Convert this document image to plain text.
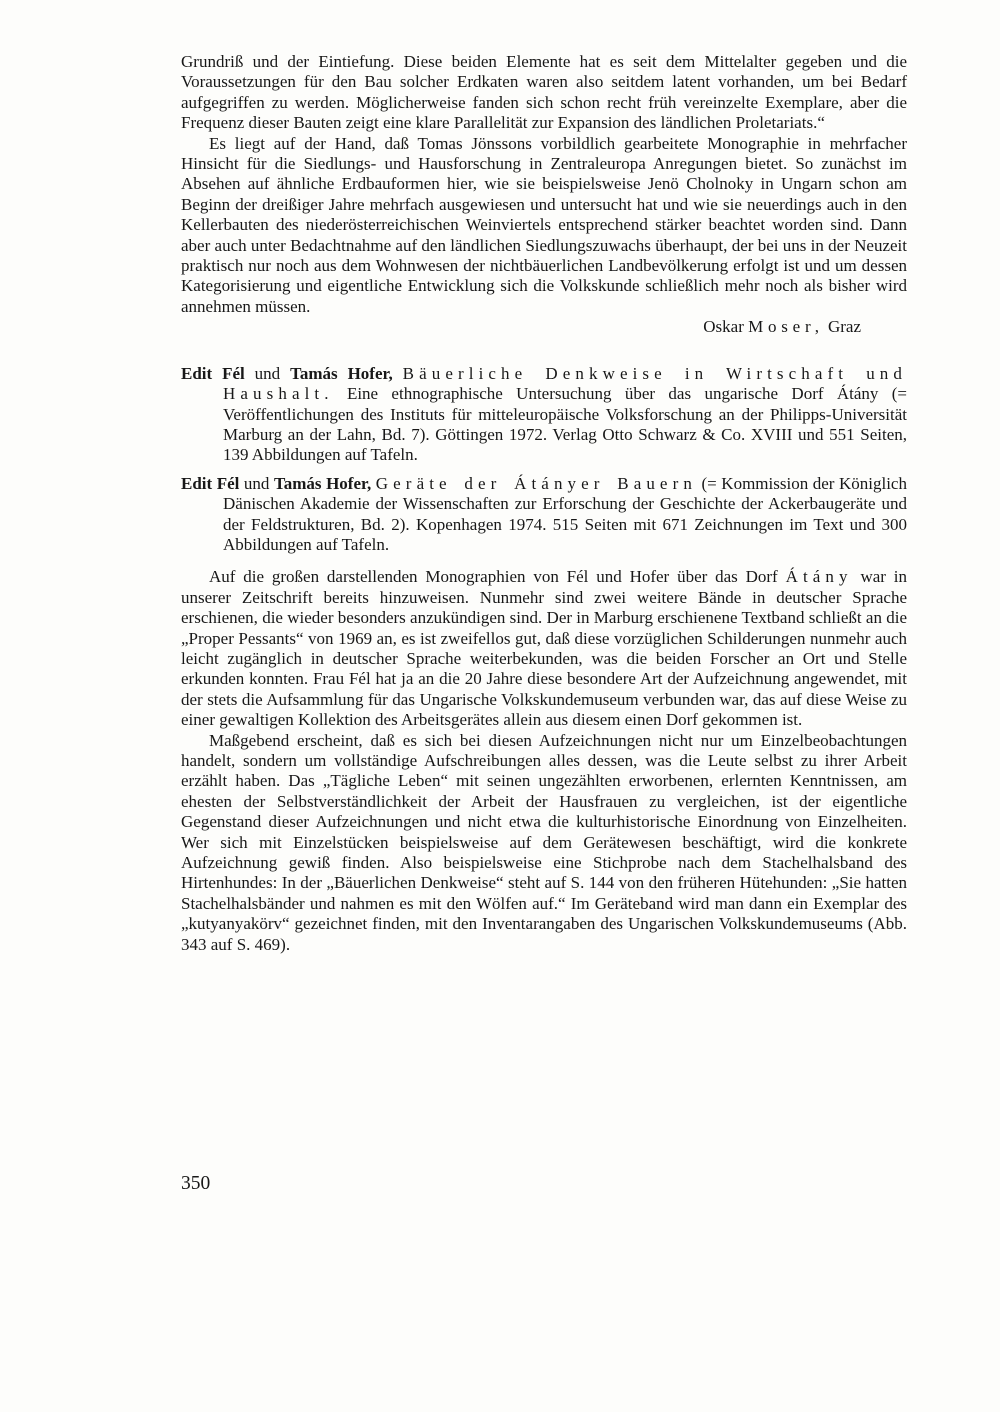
Grundriß und der Eintiefung. Diese beiden Elemente hat es seit dem Mittelalter gegeben und die Voraussetzungen für den Bau solcher Erdkaten waren also seitdem latent vorhanden, um bei Bedarf aufgegriffen zu werden. Möglicherweise fanden sich schon recht früh vereinzelte Exemplare, aber die Frequenz dieser Bauten zeigt eine klare Parallelität zur Expansion des ländlichen Proletariats.“

Es liegt auf der Hand, daß Tomas Jönssons vorbildlich gearbeitete Monographie in mehrfacher Hinsicht für die Siedlungs- und Hausforschung in Zentraleuropa Anregungen bietet. So zunächst im Absehen auf ähnliche Erdbauformen hier, wie sie beispielsweise Jenö Cholnoky in Ungarn schon am Beginn der dreißiger Jahre mehrfach ausgewiesen und untersucht hat und wie sie neuerdings auch in den Kellerbauten des niederösterreichischen Weinviertels entsprechend stärker beachtet worden sind. Dann aber auch unter Bedachtnahme auf den ländlichen Siedlungszuwachs überhaupt, der bei uns in der Neuzeit praktisch nur noch aus dem Wohnwesen der nichtbäuerlichen Landbevölkerung erfolgt ist und um dessen Kategorisierung und eigentliche Entwicklung sich die Volkskunde schließlich mehr noch als bisher wird annehmen müssen.

Oskar Moser, Graz

Edit Fél und Tamás Hofer, Bäuerliche Denkweise in Wirtschaft und Haushalt. Eine ethnographische Untersuchung über das ungarische Dorf Átány (= Veröffentlichungen des Instituts für mitteleuropäische Volksforschung an der Philipps-Universität Marburg an der Lahn, Bd. 7). Göttingen 1972. Verlag Otto Schwarz & Co. XVIII und 551 Seiten, 139 Abbildungen auf Tafeln.

Edit Fél und Tamás Hofer, Geräte der Átányer Bauern (= Kommission der Königlich Dänischen Akademie der Wissenschaften zur Erforschung der Geschichte der Ackerbaugeräte und der Feldstrukturen, Bd. 2). Kopenhagen 1974. 515 Seiten mit 671 Zeichnungen im Text und 300 Abbildungen auf Tafeln.

Auf die großen darstellenden Monographien von Fél und Hofer über das Dorf Átány war in unserer Zeitschrift bereits hinzuweisen. Nunmehr sind zwei weitere Bände in deutscher Sprache erschienen, die wieder besonders anzukündigen sind. Der in Marburg erschienene Textband schließt an die „Proper Pessants“ von 1969 an, es ist zweifellos gut, daß diese vorzüglichen Schilderungen nunmehr auch leicht zugänglich in deutscher Sprache weiterbekunden, was die beiden Forscher an Ort und Stelle erkunden konnten. Frau Fél hat ja an die 20 Jahre diese besondere Art der Aufzeichnung angewendet, mit der stets die Aufsammlung für das Ungarische Volkskundemuseum verbunden war, das auf diese Weise zu einer gewaltigen Kollektion des Arbeitsgerätes allein aus diesem einen Dorf gekommen ist.

Maßgebend erscheint, daß es sich bei diesen Aufzeichnungen nicht nur um Einzelbeobachtungen handelt, sondern um vollständige Aufschreibungen alles dessen, was die Leute selbst zu ihrer Arbeit erzählt haben. Das „Tägliche Leben“ mit seinen ungezählten erworbenen, erlernten Kenntnissen, am ehesten der Selbstverständlichkeit der Arbeit der Hausfrauen zu vergleichen, ist der eigentliche Gegenstand dieser Aufzeichnungen und nicht etwa die kulturhistorische Einordnung von Einzelheiten. Wer sich mit Einzelstücken beispielsweise auf dem Gerätewesen beschäftigt, wird die konkrete Aufzeichnung gewiß finden. Also beispielsweise eine Stichprobe nach dem Stachelhalsband des Hirtenhundes: In der „Bäuerlichen Denkweise“ steht auf S. 144 von den früheren Hütehunden: „Sie hatten Stachelhalsbänder und nahmen es mit den Wölfen auf.“ Im Geräteband wird man dann ein Exemplar des „kutyanyakörv“ gezeichnet finden, mit den Inventarangaben des Ungarischen Volkskundemuseums (Abb. 343 auf S. 469).

350
